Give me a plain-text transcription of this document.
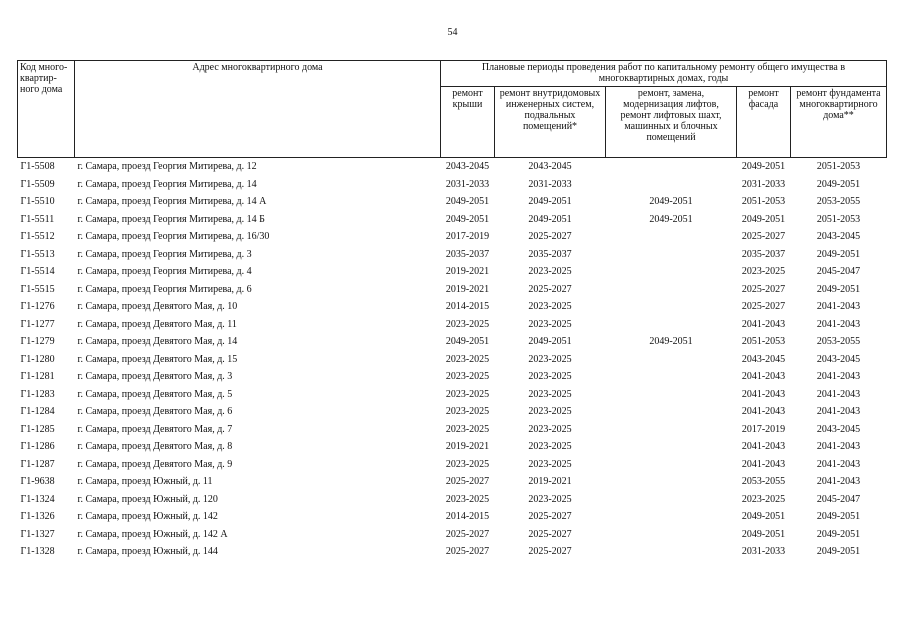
54
Код много-квартир-ного дома	Адрес многоквартирного дома	Плановые периоды проведения работ по капитальному ремонту общего имущества в многоквартирных домах, годы				
		ремонт крыши	ремонт внутридомовых инженерных систем, подвальных помещений*	ремонт, замена, модернизация лифтов, ремонт лифтовых шахт, машинных и блочных помещений	ремонт фасада	ремонт фундамента многоквартирного дома**
Г1-5508	г. Самара, проезд Георгия Митирева, д. 12	2043-2045	2043-2045		2049-2051	2051-2053
Г1-5509	г. Самара, проезд Георгия Митирева, д. 14	2031-2033	2031-2033		2031-2033	2049-2051
Г1-5510	г. Самара, проезд Георгия Митирева, д. 14 А	2049-2051	2049-2051	2049-2051	2051-2053	2053-2055
Г1-5511	г. Самара, проезд Георгия Митирева, д. 14 Б	2049-2051	2049-2051	2049-2051	2049-2051	2051-2053
Г1-5512	г. Самара, проезд Георгия Митирева, д. 16/30	2017-2019	2025-2027		2025-2027	2043-2045
Г1-5513	г. Самара, проезд Георгия Митирева, д. 3	2035-2037	2035-2037		2035-2037	2049-2051
Г1-5514	г. Самара, проезд Георгия Митирева, д. 4	2019-2021	2023-2025		2023-2025	2045-2047
Г1-5515	г. Самара, проезд Георгия Митирева, д. 6	2019-2021	2025-2027		2025-2027	2049-2051
Г1-1276	г. Самара, проезд Девятого Мая, д. 10	2014-2015	2023-2025		2025-2027	2041-2043
Г1-1277	г. Самара, проезд Девятого Мая, д. 11	2023-2025	2023-2025		2041-2043	2041-2043
Г1-1279	г. Самара, проезд Девятого Мая, д. 14	2049-2051	2049-2051	2049-2051	2051-2053	2053-2055
Г1-1280	г. Самара, проезд Девятого Мая, д. 15	2023-2025	2023-2025		2043-2045	2043-2045
Г1-1281	г. Самара, проезд Девятого Мая, д. 3	2023-2025	2023-2025		2041-2043	2041-2043
Г1-1283	г. Самара, проезд Девятого Мая, д. 5	2023-2025	2023-2025		2041-2043	2041-2043
Г1-1284	г. Самара, проезд Девятого Мая, д. 6	2023-2025	2023-2025		2041-2043	2041-2043
Г1-1285	г. Самара, проезд Девятого Мая, д. 7	2023-2025	2023-2025		2017-2019	2043-2045
Г1-1286	г. Самара, проезд Девятого Мая, д. 8	2019-2021	2023-2025		2041-2043	2041-2043
Г1-1287	г. Самара, проезд Девятого Мая, д. 9	2023-2025	2023-2025		2041-2043	2041-2043
Г1-9638	г. Самара, проезд Южный, д. 11	2025-2027	2019-2021		2053-2055	2041-2043
Г1-1324	г. Самара, проезд Южный, д. 120	2023-2025	2023-2025		2023-2025	2045-2047
Г1-1326	г. Самара, проезд Южный, д. 142	2014-2015	2025-2027		2049-2051	2049-2051
Г1-1327	г. Самара, проезд Южный, д. 142 А	2025-2027	2025-2027		2049-2051	2049-2051
Г1-1328	г. Самара, проезд Южный, д. 144	2025-2027	2025-2027		2031-2033	2049-2051
